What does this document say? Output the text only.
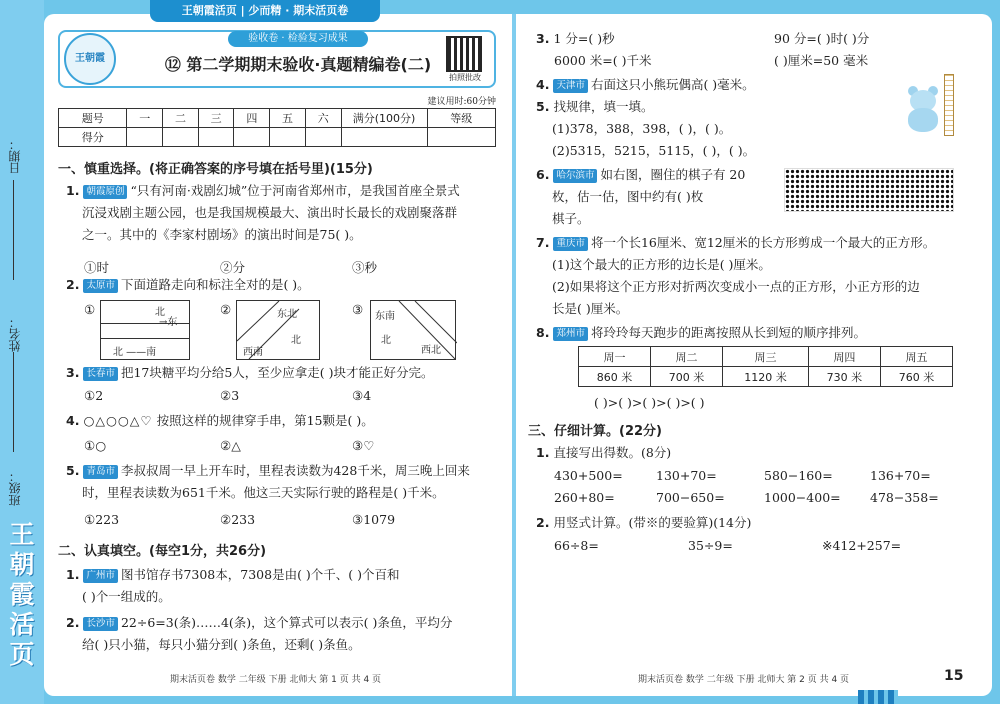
日期：
姓名：
班级：
王
朝
霞
活
页
王朝霞活页 | 少而精 · 期末活页卷
王朝霞
验收卷 · 检验复习成果
⑫ 第二学期期末验收·真题精编卷(二)
拍照批改
建议用时:60分钟
题号	一	二	三	四	五	六	满分(100分)	等级
得分								
一、慎重选择。(将正确答案的序号填在括号里)(15分)
1. 朝霞原创 “只有河南·戏剧幻城”位于河南省郑州市，是我国首座全景式
沉浸戏剧主题公园，也是我国规模最大、演出时长最长的戏剧聚落群
之一。其中的《李家村剧场》的演出时间是75( )。
①时	②分	③秒
2. 太原市 下面道路走向和标注全对的是( )。
①	北
→东
北 ——南
②	东北
西南
北
③ 东南
西北
北
3. 长春市 把17块糖平均分给5人，至少应拿走( )块才能正好分完。
①2	②3	③4
4. ○△○○△♡ 按照这样的规律穿手串，第15颗是( )。
①○	②△	③♡
5. 青岛市 李叔叔周一早上开车时，里程表读数为428千米，周三晚上回来
时，里程表读数为651千米。他这三天实际行驶的路程是( )千米。
①223	②233	③1079
二、认真填空。(每空1分，共26分)
1. 广州市 图书馆存书7308本，7308是由( )个千、( )个百和
( )个一组成的。
2. 长沙市 22÷6=3(条)……4(条)，这个算式可以表示( )条鱼，平均分
给( )只小猫，每只小猫分到( )条鱼，还剩( )条鱼。
期末活页卷 数学 二年级 下册 北师大 第 1 页 共 4 页
3. 1 分=( )秒	90 分=( )时( )分
6000 米=( )千米	( )厘米=50 毫米
4. 天津市 右面这只小熊玩偶高( )毫米。
5. 找规律，填一填。
(1)378，388，398，( )，( )。
(2)5315，5215，5115，( )，( )。
6. 哈尔滨市 如右图，圈住的棋子有 20
枚，估一估，图中约有( )枚
棋子。
7. 重庆市 将一个长16厘米、宽12厘米的长方形剪成一个最大的正方形。
(1)这个最大的正方形的边长是( )厘米。
(2)如果将这个正方形对折两次变成小一点的正方形，小正方形的边
长是( )厘米。
8. 郑州市 将玲玲每天跑步的距离按照从长到短的顺序排列。
周一	周二	周三	周四	周五
860 米	700 米	1120 米	730 米	760 米
( )>( )>( )>( )>( )
三、仔细计算。(22分)
1. 直接写出得数。(8分)
430+500=	130+70=	580−160=	136+70=
260+80=	700−650=	1000−400= 478−358=
2. 用竖式计算。(带※的要验算)(14分)
66÷8=	35÷9=	※412+257=
期末活页卷 数学 二年级 下册 北师大 第 2 页 共 4 页	15
